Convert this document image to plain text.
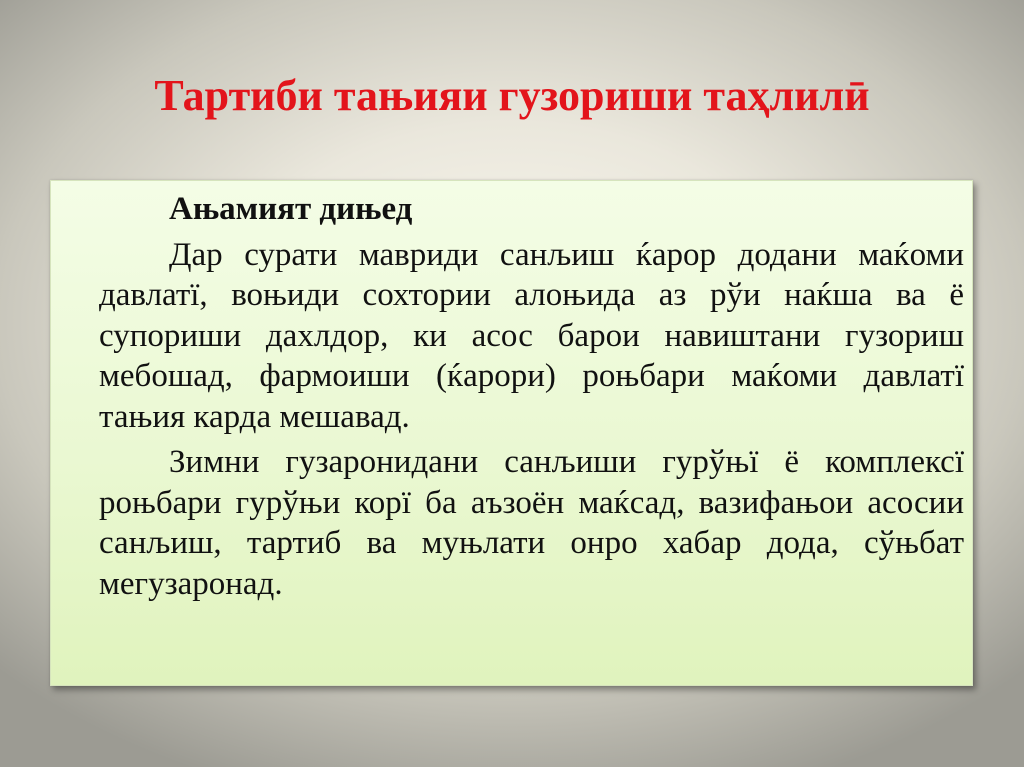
Тартиби тањияи гузориши таҳлилӣ

Ањамият дињед

Дар сурати мавриди санљиш ќарор додани маќоми давлатї, воњиди сохтории алоњида аз рўи наќша ва ё супориши дахлдор, ки асос барои навиштани гузориш мебошад, фармоиши (ќарори) роњбари маќоми давлатї тањия карда мешавад.

Зимни гузаронидани санљиши гурўњї ё комплексї роњбари гурўњи корї ба аъзоён маќсад, вазифањои асосии санљиш, тартиб ва муњлати онро хабар дода, сўњбат мегузаронад.
